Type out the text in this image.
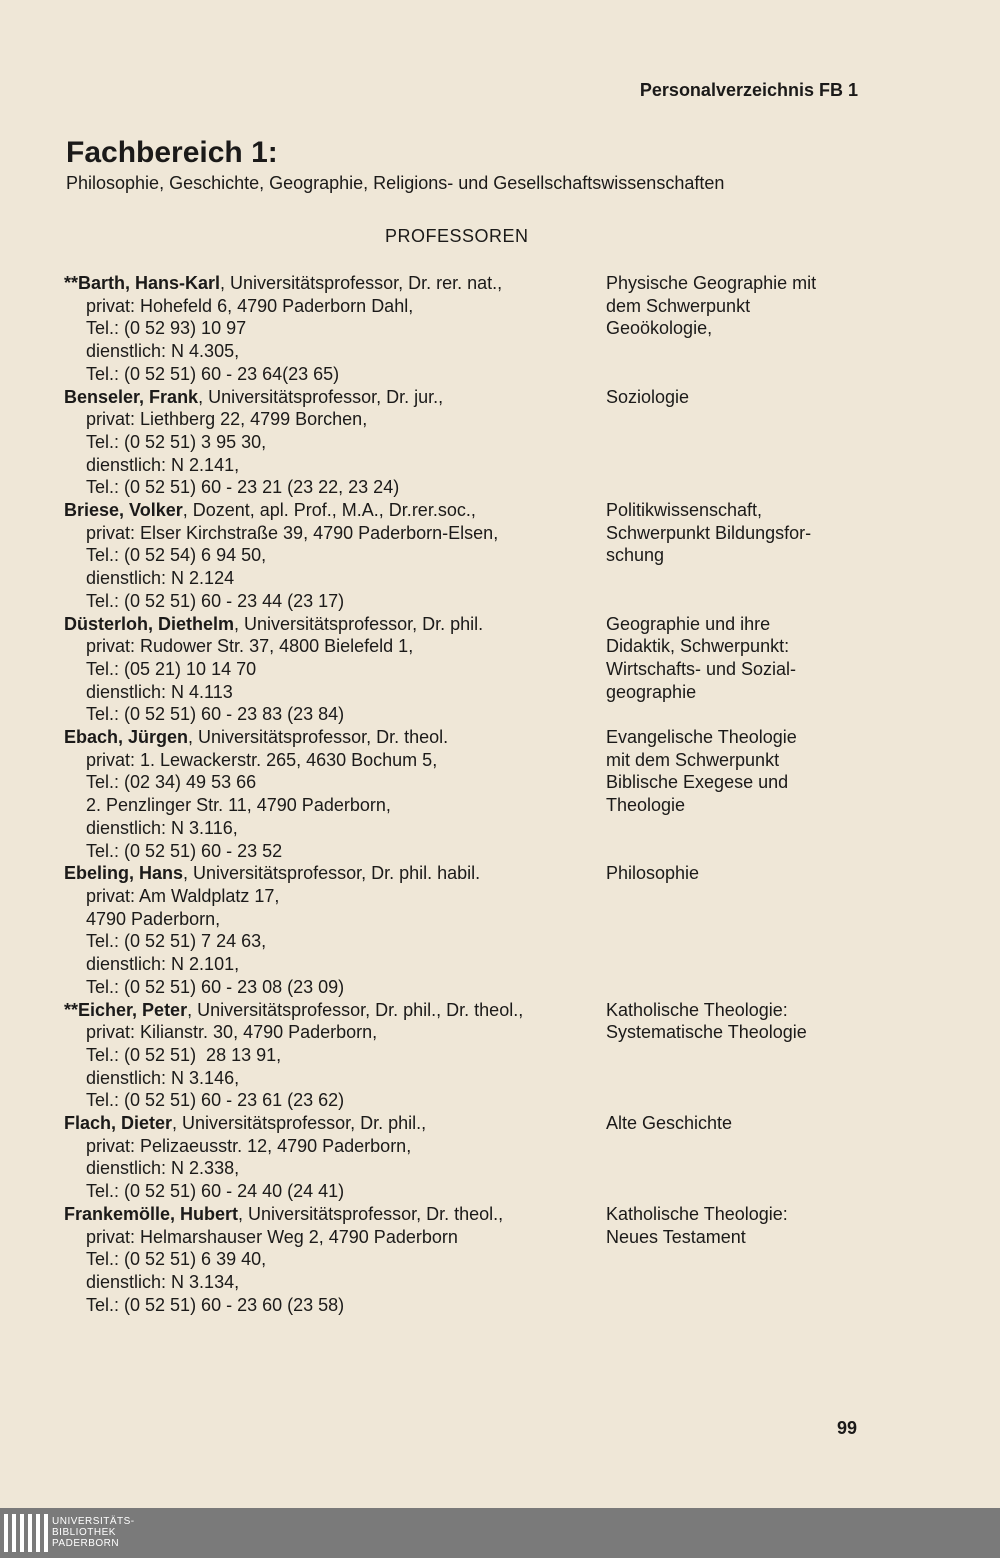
Personalverzeichnis FB 1
Fachbereich 1:
Philosophie, Geschichte, Geographie, Religions- und Gesellschaftswissenschaften
PROFESSOREN
**Barth, Hans-Karl, Universitätsprofessor, Dr. rer. nat.,
privat: Hohefeld 6, 4790 Paderborn Dahl,
Tel.: (0 52 93) 10 97
dienstlich: N 4.305,
Tel.: (0 52 51) 60 - 23 64(23 65)
Physische Geographie mit
dem Schwerpunkt
Geoökologie,
Benseler, Frank, Universitätsprofessor, Dr. jur.,
privat: Liethberg 22, 4799 Borchen,
Tel.: (0 52 51) 3 95 30,
dienstlich: N 2.141,
Tel.: (0 52 51) 60 - 23 21 (23 22, 23 24)
Soziologie
Briese, Volker, Dozent, apl. Prof., M.A., Dr.rer.soc.,
privat: Elser Kirchstraße 39, 4790 Paderborn-Elsen,
Tel.: (0 52 54) 6 94 50,
dienstlich: N 2.124
Tel.: (0 52 51) 60 - 23 44 (23 17)
Politikwissenschaft,
Schwerpunkt Bildungsfor-
schung
Düsterloh, Diethelm, Universitätsprofessor, Dr. phil.
privat: Rudower Str. 37, 4800 Bielefeld 1,
Tel.: (05 21) 10 14 70
dienstlich: N 4.113
Tel.: (0 52 51) 60 - 23 83 (23 84)
Geographie und ihre
Didaktik, Schwerpunkt:
Wirtschafts- und Sozial-
geographie
Ebach, Jürgen, Universitätsprofessor, Dr. theol.
privat: 1. Lewackerstr. 265, 4630 Bochum 5,
Tel.: (02 34) 49 53 66
2. Penzlinger Str. 11, 4790 Paderborn,
dienstlich: N 3.116,
Tel.: (0 52 51) 60 - 23 52
Evangelische Theologie
mit dem Schwerpunkt
Biblische Exegese und
Theologie
Ebeling, Hans, Universitätsprofessor, Dr. phil. habil.
privat: Am Waldplatz 17,
4790 Paderborn,
Tel.: (0 52 51) 7 24 63,
dienstlich: N 2.101,
Tel.: (0 52 51) 60 - 23 08 (23 09)
Philosophie
**Eicher, Peter, Universitätsprofessor, Dr. phil., Dr. theol.,
privat: Kilianstr. 30, 4790 Paderborn,
Tel.: (0 52 51)  28 13 91,
dienstlich: N 3.146,
Tel.: (0 52 51) 60 - 23 61 (23 62)
Katholische Theologie:
Systematische Theologie
Flach, Dieter, Universitätsprofessor, Dr. phil.,
privat: Pelizaeusstr. 12, 4790 Paderborn,
dienstlich: N 2.338,
Tel.: (0 52 51) 60 - 24 40 (24 41)
Alte Geschichte
Frankemölle, Hubert, Universitätsprofessor, Dr. theol.,
privat: Helmarshauser Weg 2, 4790 Paderborn
Tel.: (0 52 51) 6 39 40,
dienstlich: N 3.134,
Tel.: (0 52 51) 60 - 23 60 (23 58)
Katholische Theologie:
Neues Testament
99
UNIVERSITÄTS-
BIBLIOTHEK
PADERBORN
